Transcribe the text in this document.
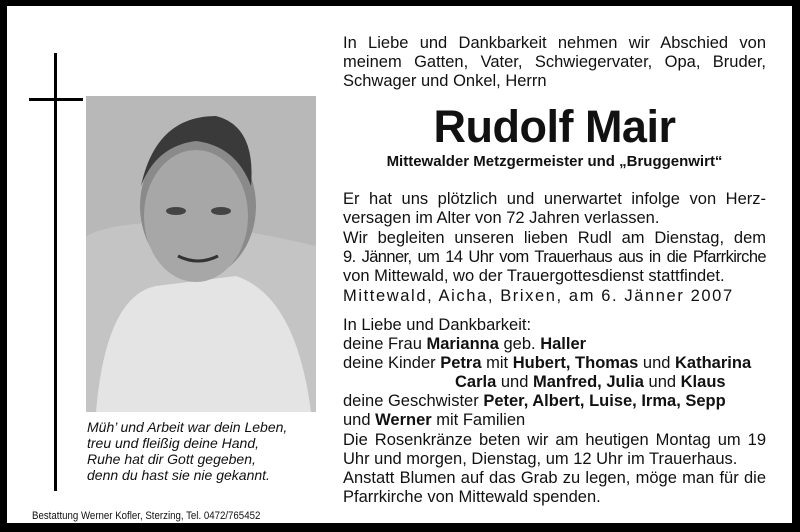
Müh’ und Arbeit war dein Leben,
treu und fleißig deine Hand,
Ruhe hat dir Gott gegeben,
denn du hast sie nie gekannt.
Bestattung Werner Kofler, Sterzing, Tel. 0472/765452
In Liebe und Dankbarkeit nehmen wir Abschied von
meinem Gatten, Vater, Schwiegervater, Opa, Bruder,
Schwager und Onkel, Herrn
Rudolf Mair
Mittewalder Metzgermeister und „Bruggenwirt“
Er hat uns plötzlich und unerwartet infolge von Herz-
versagen im Alter von 72 Jahren verlassen.
Wir begleiten unseren lieben Rudl am Dienstag, dem
9. Jänner, um 14 Uhr vom Trauerhaus aus in die Pfarrkirche
von Mittewald, wo der Trauergottesdienst stattfindet.
Mittewald, Aicha, Brixen, am 6. Jänner 2007
In Liebe und Dankbarkeit:
deine Frau Marianna geb. Haller
deine Kinder Petra mit Hubert, Thomas und Katharina
Carla und Manfred, Julia und Klaus
deine Geschwister Peter, Albert, Luise, Irma, Sepp
und Werner mit Familien
Die Rosenkränze beten wir am heutigen Montag um 19
Uhr und morgen, Dienstag, um 12 Uhr im Trauerhaus.
Anstatt Blumen auf das Grab zu legen, möge man für die
Pfarrkirche von Mittewald spenden.
